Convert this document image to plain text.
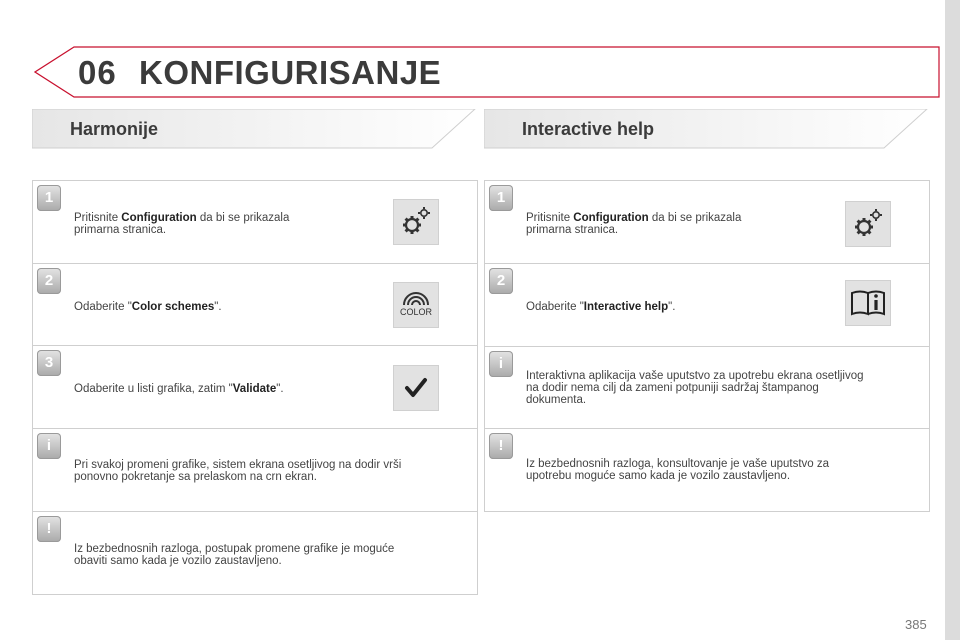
06 KONFIGURISANJE
Harmonije	Interactive help
1
Pritisnite Configuration da bi se prikazala
primarna stranica.
2
Odaberite "Color schemes".	COLOR
3
Odaberite u listi grafika, zatim "Validate".
i
Pri svakoj promeni grafike, sistem ekrana osetljivog na dodir vrši
ponovno pokretanje sa prelaskom na crn ekran.
!
Iz bezbednosnih razloga, postupak promene grafike je moguće
obaviti samo kada je vozilo zaustavljeno.
1
Pritisnite Configuration da bi se prikazala
primarna stranica.
2
Odaberite "Interactive help".
i
Interaktivna aplikacija vaše uputstvo za upotrebu ekrana osetljivog
na dodir nema cilj da zameni potpuniji sadržaj štampanog
dokumenta.
!
Iz bezbednosnih razloga, konsultovanje je vaše uputstvo za
upotrebu moguće samo kada je vozilo zaustavljeno.
385
